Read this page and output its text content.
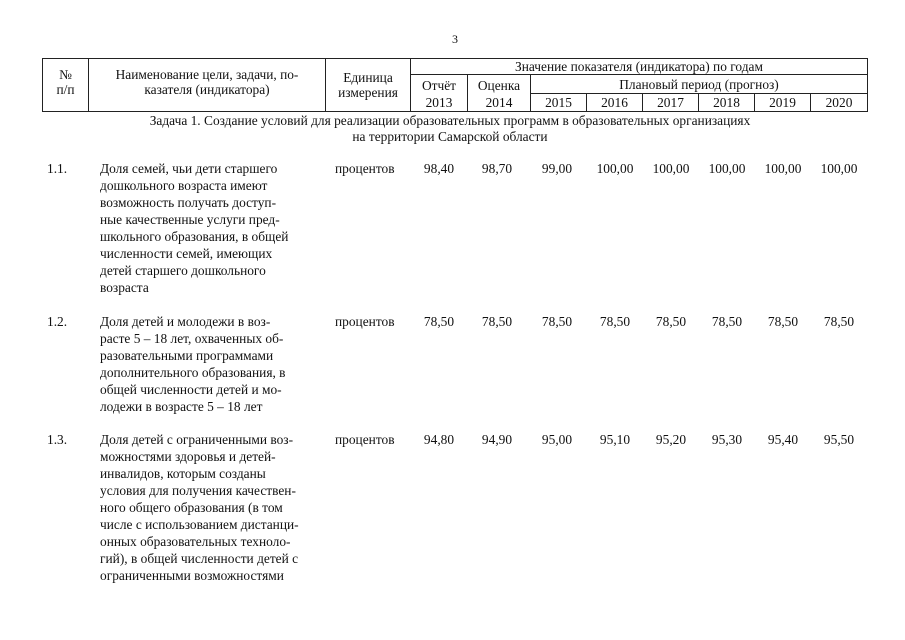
3
№
п/п
Наименование цели, задачи, по-
казателя (индикатора)
Единица
измерения
Значение показателя (индикатора) по годам
Отчёт	Оценка	Плановый период (прогноз)
2013	2014	2015	2016	2017	2018	2019	2020
Задача 1. Создание условий для реализации образовательных программ в образовательных организациях
на территории Самарской области
1.1. Доля семей, чьи дети старшего
дошкольного возраста имеют
возможность получать доступ-
ные качественные услуги пред-
школьного образования, в общей
численности семей, имеющих
детей старшего дошкольного
возраста
процентов	98,40	98,70	99,00	100,00	100,00	100,00	100,00	100,00
1.2. Доля детей и молодежи в воз-
расте 5 – 18 лет, охваченных об-
разовательными программами
дополнительного образования, в
общей численности детей и мо-
лодежи в возрасте 5 – 18 лет
процентов	78,50	78,50	78,50	78,50	78,50	78,50	78,50	78,50
1.3. Доля детей с ограниченными воз-
можностями здоровья и детей-
инвалидов, которым созданы
условия для получения качествен-
ного общего образования (в том
числе с использованием дистанци-
онных образовательных техноло-
гий), в общей численности детей с
ограниченными возможностями
процентов	94,80	94,90	95,00	95,10	95,20	95,30	95,40	95,50
